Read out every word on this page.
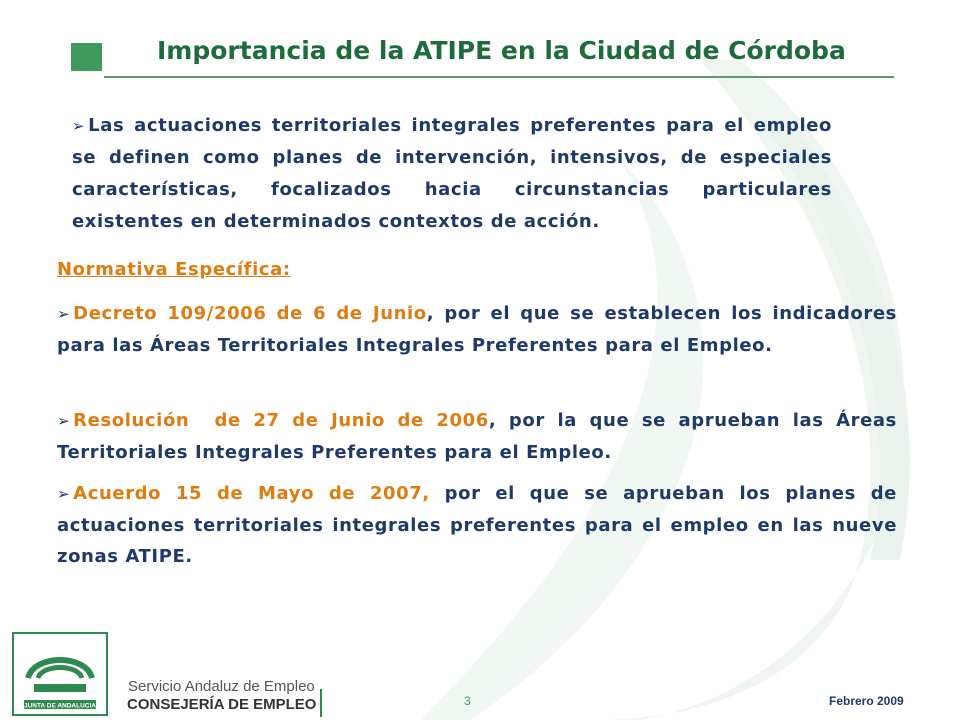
Importancia de la ATIPE en la Ciudad de Córdoba
➢ Las actuaciones territoriales integrales preferentes para el empleo se definen como planes de intervención, intensivos, de especiales características, focalizados hacia circunstancias particulares existentes en determinados contextos de acción.
Normativa Específica:
➢ Decreto 109/2006 de 6 de Junio, por el que se establecen los indicadores para las Áreas Territoriales Integrales Preferentes para el Empleo.
➢ Resolución  de 27 de Junio de 2006, por la que se aprueban las Áreas Territoriales Integrales Preferentes para el Empleo.
➢ Acuerdo 15 de Mayo de 2007, por el que se aprueban los planes de actuaciones territoriales integrales preferentes para el empleo en las nueve zonas ATIPE.
JUNTA DE ANDALUCIA
Servicio Andaluz de Empleo
CONSEJERÍA DE EMPLEO	3	Febrero 2009
